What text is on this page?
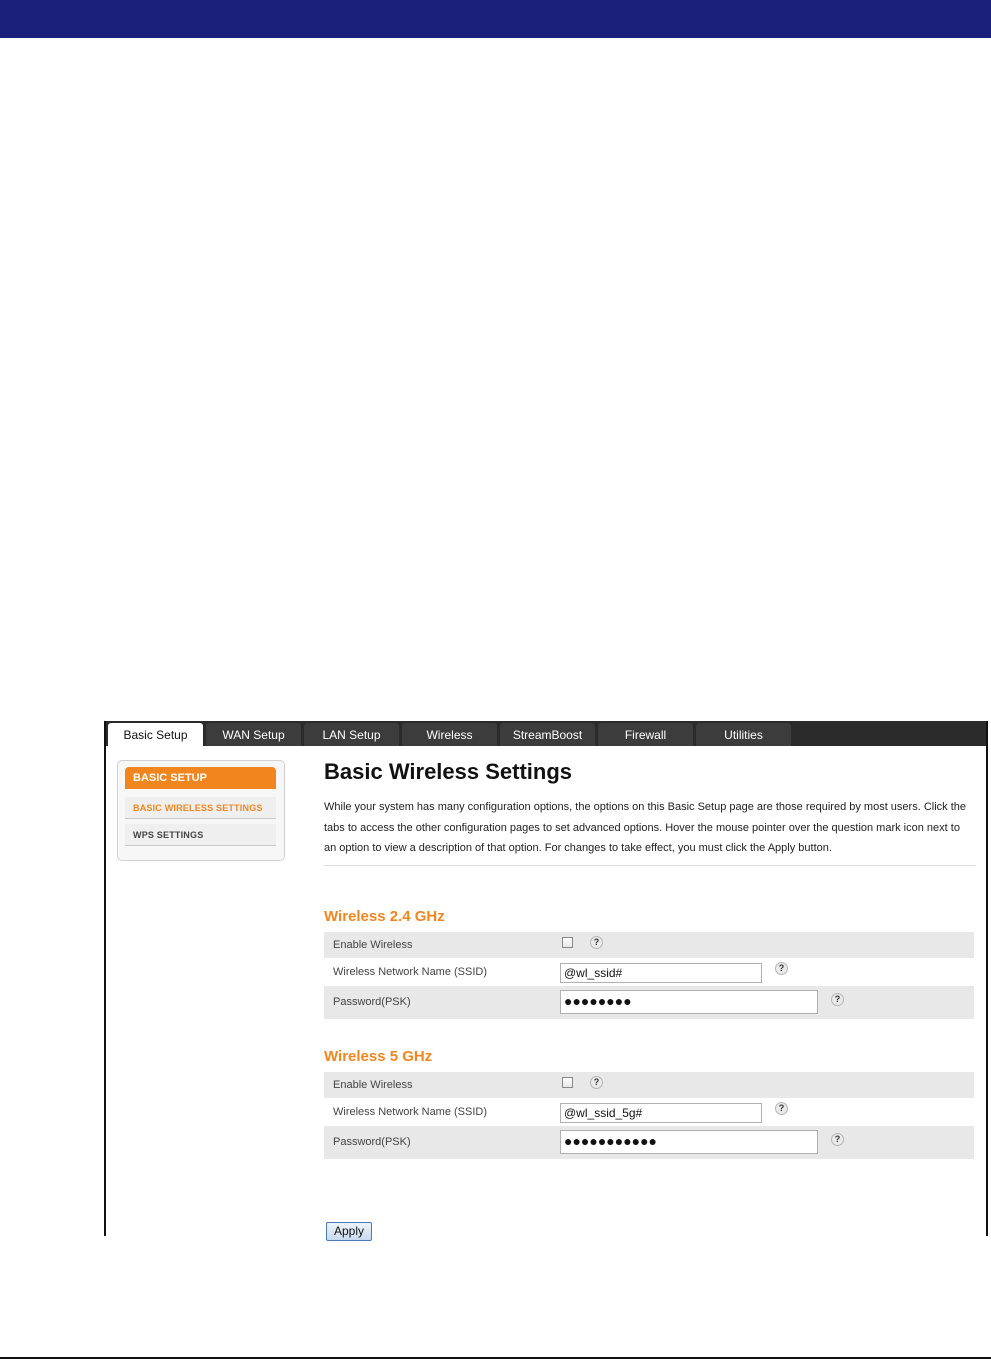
Basic Setup	WAN Setup	LAN Setup	Wireless	StreamBoost	Firewall	Utilities
BASIC SETUP
BASIC WIRELESS SETTINGS
WPS SETTINGS
Basic Wireless Settings

While your system has many configuration options, the options on this Basic Setup page are those required by most users. Click the tabs to access the other configuration pages to set advanced options. Hover the mouse pointer over the question mark icon next to an option to view a description of that option. For changes to take effect, you must click the Apply button.

Wireless 2.4 GHz
Enable Wireless	?
Wireless Network Name (SSID)	@wl_ssid#	?
Password(PSK)	●●●●●●●●	?
Wireless 5 GHz
Enable Wireless	?
Wireless Network Name (SSID)	@wl_ssid_5g#	?
Password(PSK)	●●●●●●●●●●●	?
Apply
